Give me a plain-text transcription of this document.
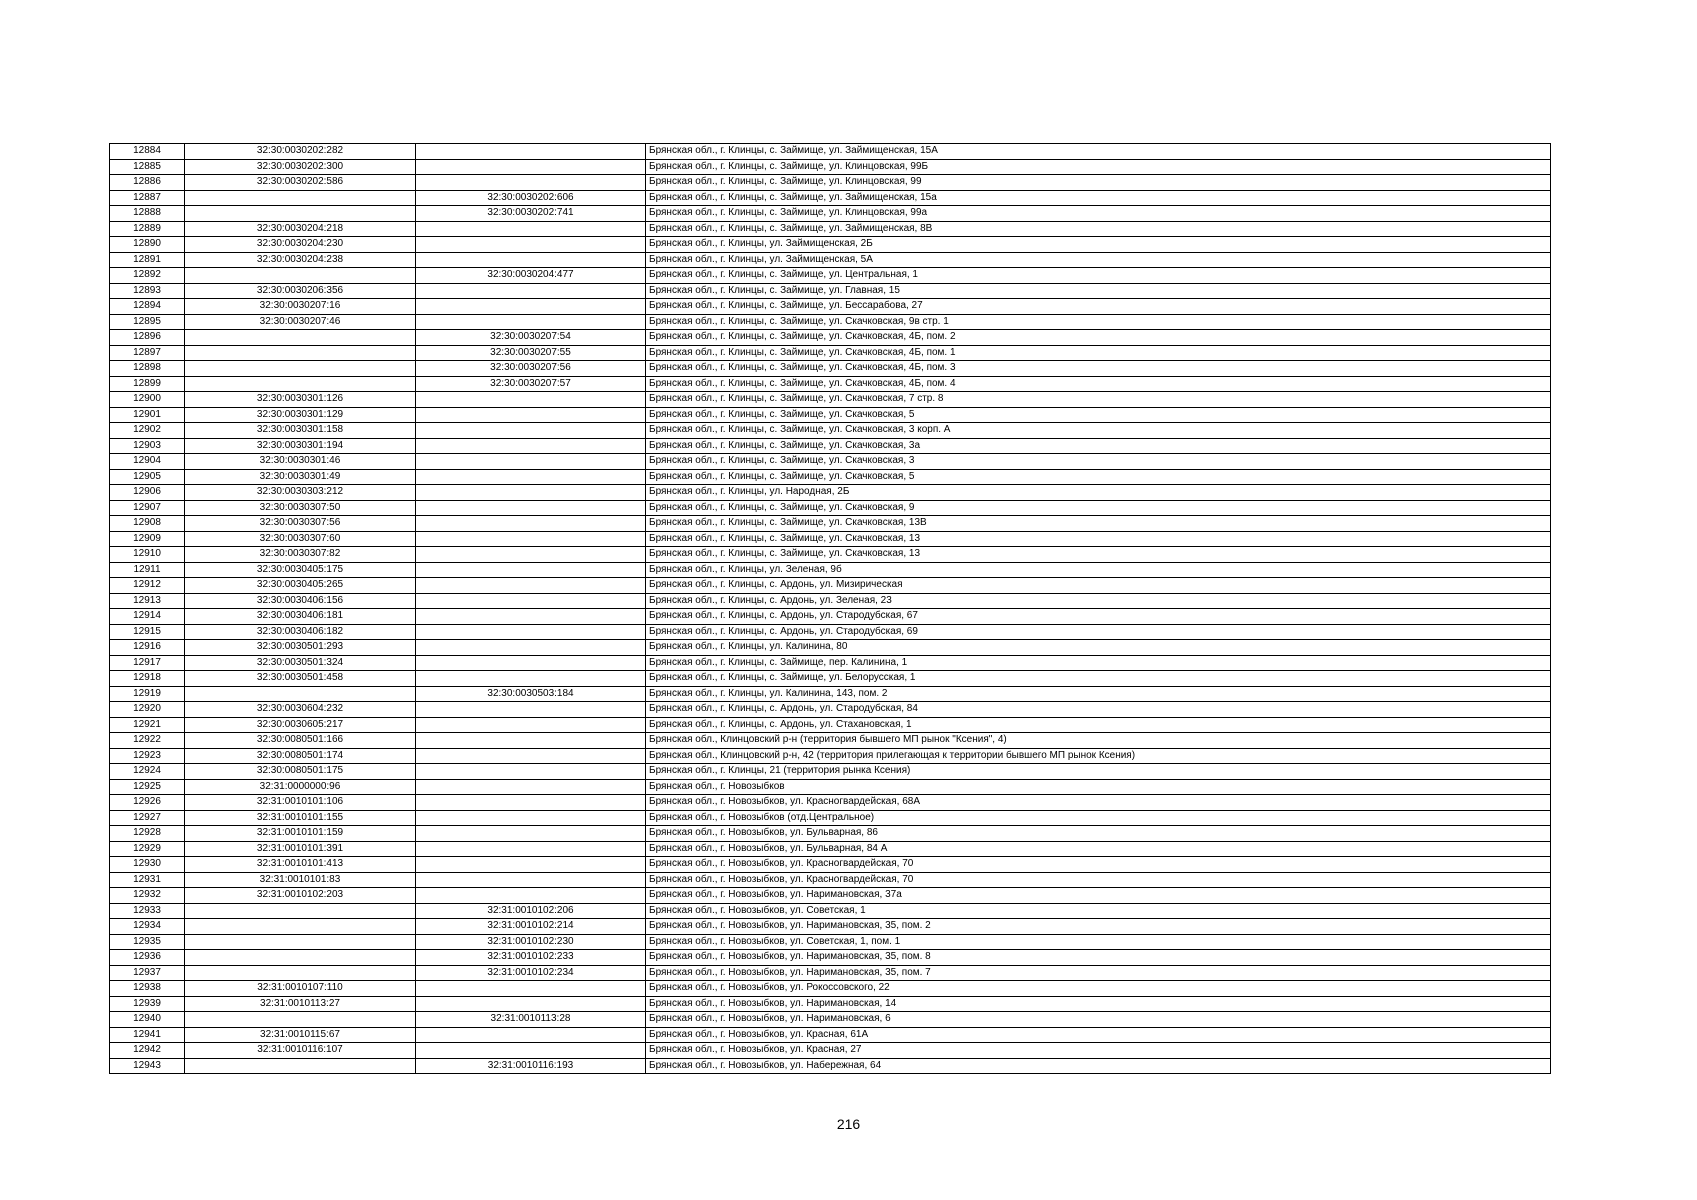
12884	32:30:0030202:282		Брянская обл., г. Клинцы, с. Займище, ул. Займищенская, 15А
12885	32:30:0030202:300		Брянская обл., г. Клинцы, с. Займище, ул. Клинцовская, 99Б
12886	32:30:0030202:586		Брянская обл., г. Клинцы, с. Займище, ул. Клинцовская, 99
12887		32:30:0030202:606	Брянская обл., г. Клинцы, с. Займище, ул. Займищенская, 15а
12888		32:30:0030202:741	Брянская обл., г. Клинцы, с. Займище, ул. Клинцовская, 99а
12889	32:30:0030204:218		Брянская обл., г. Клинцы, с. Займище, ул. Займищенская, 8В
12890	32:30:0030204:230		Брянская обл., г. Клинцы, ул. Займищенская, 2Б
12891	32:30:0030204:238		Брянская обл., г. Клинцы, ул. Займищенская, 5А
12892		32:30:0030204:477	Брянская обл., г. Клинцы, с. Займище, ул. Центральная, 1
12893	32:30:0030206:356		Брянская обл., г. Клинцы, с. Займище, ул. Главная, 15
12894	32:30:0030207:16		Брянская обл., г. Клинцы, с. Займище, ул. Бессарабова, 27
12895	32:30:0030207:46		Брянская обл., г. Клинцы, с. Займище, ул. Скачковская, 9в стр. 1
12896		32:30:0030207:54	Брянская обл., г. Клинцы, с. Займище, ул. Скачковская, 4Б, пом. 2
12897		32:30:0030207:55	Брянская обл., г. Клинцы, с. Займище, ул. Скачковская, 4Б, пом. 1
12898		32:30:0030207:56	Брянская обл., г. Клинцы, с. Займище, ул. Скачковская, 4Б, пом. 3
12899		32:30:0030207:57	Брянская обл., г. Клинцы, с. Займище, ул. Скачковская, 4Б, пом. 4
12900	32:30:0030301:126		Брянская обл., г. Клинцы, с. Займище, ул. Скачковская, 7 стр. 8
12901	32:30:0030301:129		Брянская обл., г. Клинцы, с. Займище, ул. Скачковская, 5
12902	32:30:0030301:158		Брянская обл., г. Клинцы, с. Займище, ул. Скачковская, 3 корп. А
12903	32:30:0030301:194		Брянская обл., г. Клинцы, с. Займище, ул. Скачковская, 3а
12904	32:30:0030301:46		Брянская обл., г. Клинцы, с. Займище, ул. Скачковская, 3
12905	32:30:0030301:49		Брянская обл., г. Клинцы, с. Займище, ул. Скачковская, 5
12906	32:30:0030303:212		Брянская обл., г. Клинцы, ул. Народная, 2Б
12907	32:30:0030307:50		Брянская обл., г. Клинцы, с. Займище, ул. Скачковская, 9
12908	32:30:0030307:56		Брянская обл., г. Клинцы, с. Займище, ул. Скачковская, 13В
12909	32:30:0030307:60		Брянская обл., г. Клинцы, с. Займище, ул. Скачковская, 13
12910	32:30:0030307:82		Брянская обл., г. Клинцы, с. Займище, ул. Скачковская, 13
12911	32:30:0030405:175		Брянская обл., г. Клинцы, ул. Зеленая, 9б
12912	32:30:0030405:265		Брянская обл., г. Клинцы, с. Ардонь, ул. Мизирическая
12913	32:30:0030406:156		Брянская обл., г. Клинцы, с. Ардонь, ул. Зеленая, 23
12914	32:30:0030406:181		Брянская обл., г. Клинцы, с. Ардонь, ул. Стародубская, 67
12915	32:30:0030406:182		Брянская обл., г. Клинцы, с. Ардонь, ул. Стародубская, 69
12916	32:30:0030501:293		Брянская обл., г. Клинцы, ул. Калинина, 80
12917	32:30:0030501:324		Брянская обл., г. Клинцы, с. Займище, пер. Калинина, 1
12918	32:30:0030501:458		Брянская обл., г. Клинцы, с. Займище, ул. Белорусская, 1
12919		32:30:0030503:184	Брянская обл., г. Клинцы, ул. Калинина, 143, пом. 2
12920	32:30:0030604:232		Брянская обл., г. Клинцы, с. Ардонь, ул. Стародубская, 84
12921	32:30:0030605:217		Брянская обл., г. Клинцы, с. Ардонь, ул. Стахановская, 1
12922	32:30:0080501:166		Брянская обл., Клинцовский р-н (территория бывшего МП рынок "Ксения", 4)
12923	32:30:0080501:174		Брянская обл., Клинцовский р-н, 42 (территория прилегающая к территории бывшего МП рынок Ксения)
12924	32:30:0080501:175		Брянская обл., г. Клинцы, 21 (территория рынка Ксения)
12925	32:31:0000000:96		Брянская обл., г. Новозыбков
12926	32:31:0010101:106		Брянская обл., г. Новозыбков, ул. Красногвардейская, 68А
12927	32:31:0010101:155		Брянская обл., г. Новозыбков (отд.Центральное)
12928	32:31:0010101:159		Брянская обл., г. Новозыбков, ул. Бульварная, 86
12929	32:31:0010101:391		Брянская обл., г. Новозыбков, ул. Бульварная, 84 А
12930	32:31:0010101:413		Брянская обл., г. Новозыбков, ул. Красногвардейская, 70
12931	32:31:0010101:83		Брянская обл., г. Новозыбков, ул. Красногвардейская, 70
12932	32:31:0010102:203		Брянская обл., г. Новозыбков, ул. Наримановская, 37а
12933		32:31:0010102:206	Брянская обл., г. Новозыбков, ул. Советская, 1
12934		32:31:0010102:214	Брянская обл., г. Новозыбков, ул. Наримановская, 35, пом. 2
12935		32:31:0010102:230	Брянская обл., г. Новозыбков, ул. Советская, 1, пом. 1
12936		32:31:0010102:233	Брянская обл., г. Новозыбков, ул. Наримановская, 35, пом. 8
12937		32:31:0010102:234	Брянская обл., г. Новозыбков, ул. Наримановская, 35, пом. 7
12938	32:31:0010107:110		Брянская обл., г. Новозыбков, ул. Рокоссовского, 22
12939	32:31:0010113:27		Брянская обл., г. Новозыбков, ул. Наримановская, 14
12940		32:31:0010113:28	Брянская обл., г. Новозыбков, ул. Наримановская, 6
12941	32:31:0010115:67		Брянская обл., г. Новозыбков, ул. Красная, 61А
12942	32:31:0010116:107		Брянская обл., г. Новозыбков, ул. Красная, 27
12943		32:31:0010116:193	Брянская обл., г. Новозыбков, ул. Набережная, 64
216
